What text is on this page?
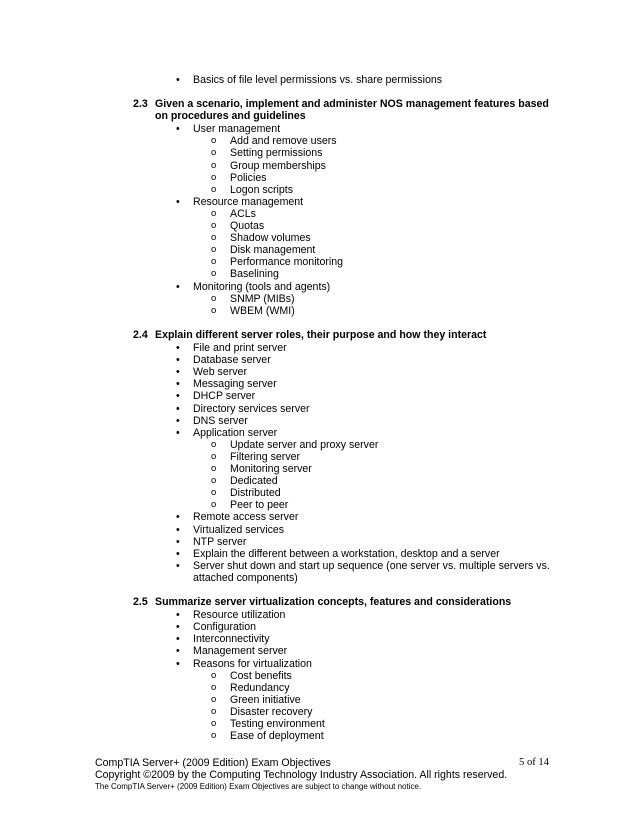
• Basics of file level permissions vs. share permissions
2.3 Given a scenario, implement and administer NOS management features based
on procedures and guidelines
• User management
o Add and remove users
o Setting permissions
o Group memberships
o Policies
o Logon scripts
• Resource management
o ACLs
o Quotas
o Shadow volumes
o Disk management
o Performance monitoring
o Baselining
• Monitoring (tools and agents)
o SNMP (MIBs)
o WBEM (WMI)
2.4 Explain different server roles, their purpose and how they interact
• File and print server
• Database server
• Web server
• Messaging server
• DHCP server
• Directory services server
• DNS server
• Application server
o Update server and proxy server
o Filtering server
o Monitoring server
o Dedicated
o Distributed
o Peer to peer
• Remote access server
• Virtualized services
• NTP server
• Explain the different between a workstation, desktop and a server
• Server shut down and start up sequence (one server vs. multiple servers vs.
attached components)
2.5 Summarize server virtualization concepts, features and considerations
• Resource utilization
• Configuration
• Interconnectivity
• Management server
• Reasons for virtualization
o Cost benefits
o Redundancy
o Green initiative
o Disaster recovery
o Testing environment
o Ease of deployment
CompTIA Server+ (2009 Edition) Exam Objectives	5 of 14
Copyright ©2009 by the Computing Technology Industry Association. All rights reserved.
The CompTIA Server+ (2009 Edition) Exam Objectives are subject to change without notice.
